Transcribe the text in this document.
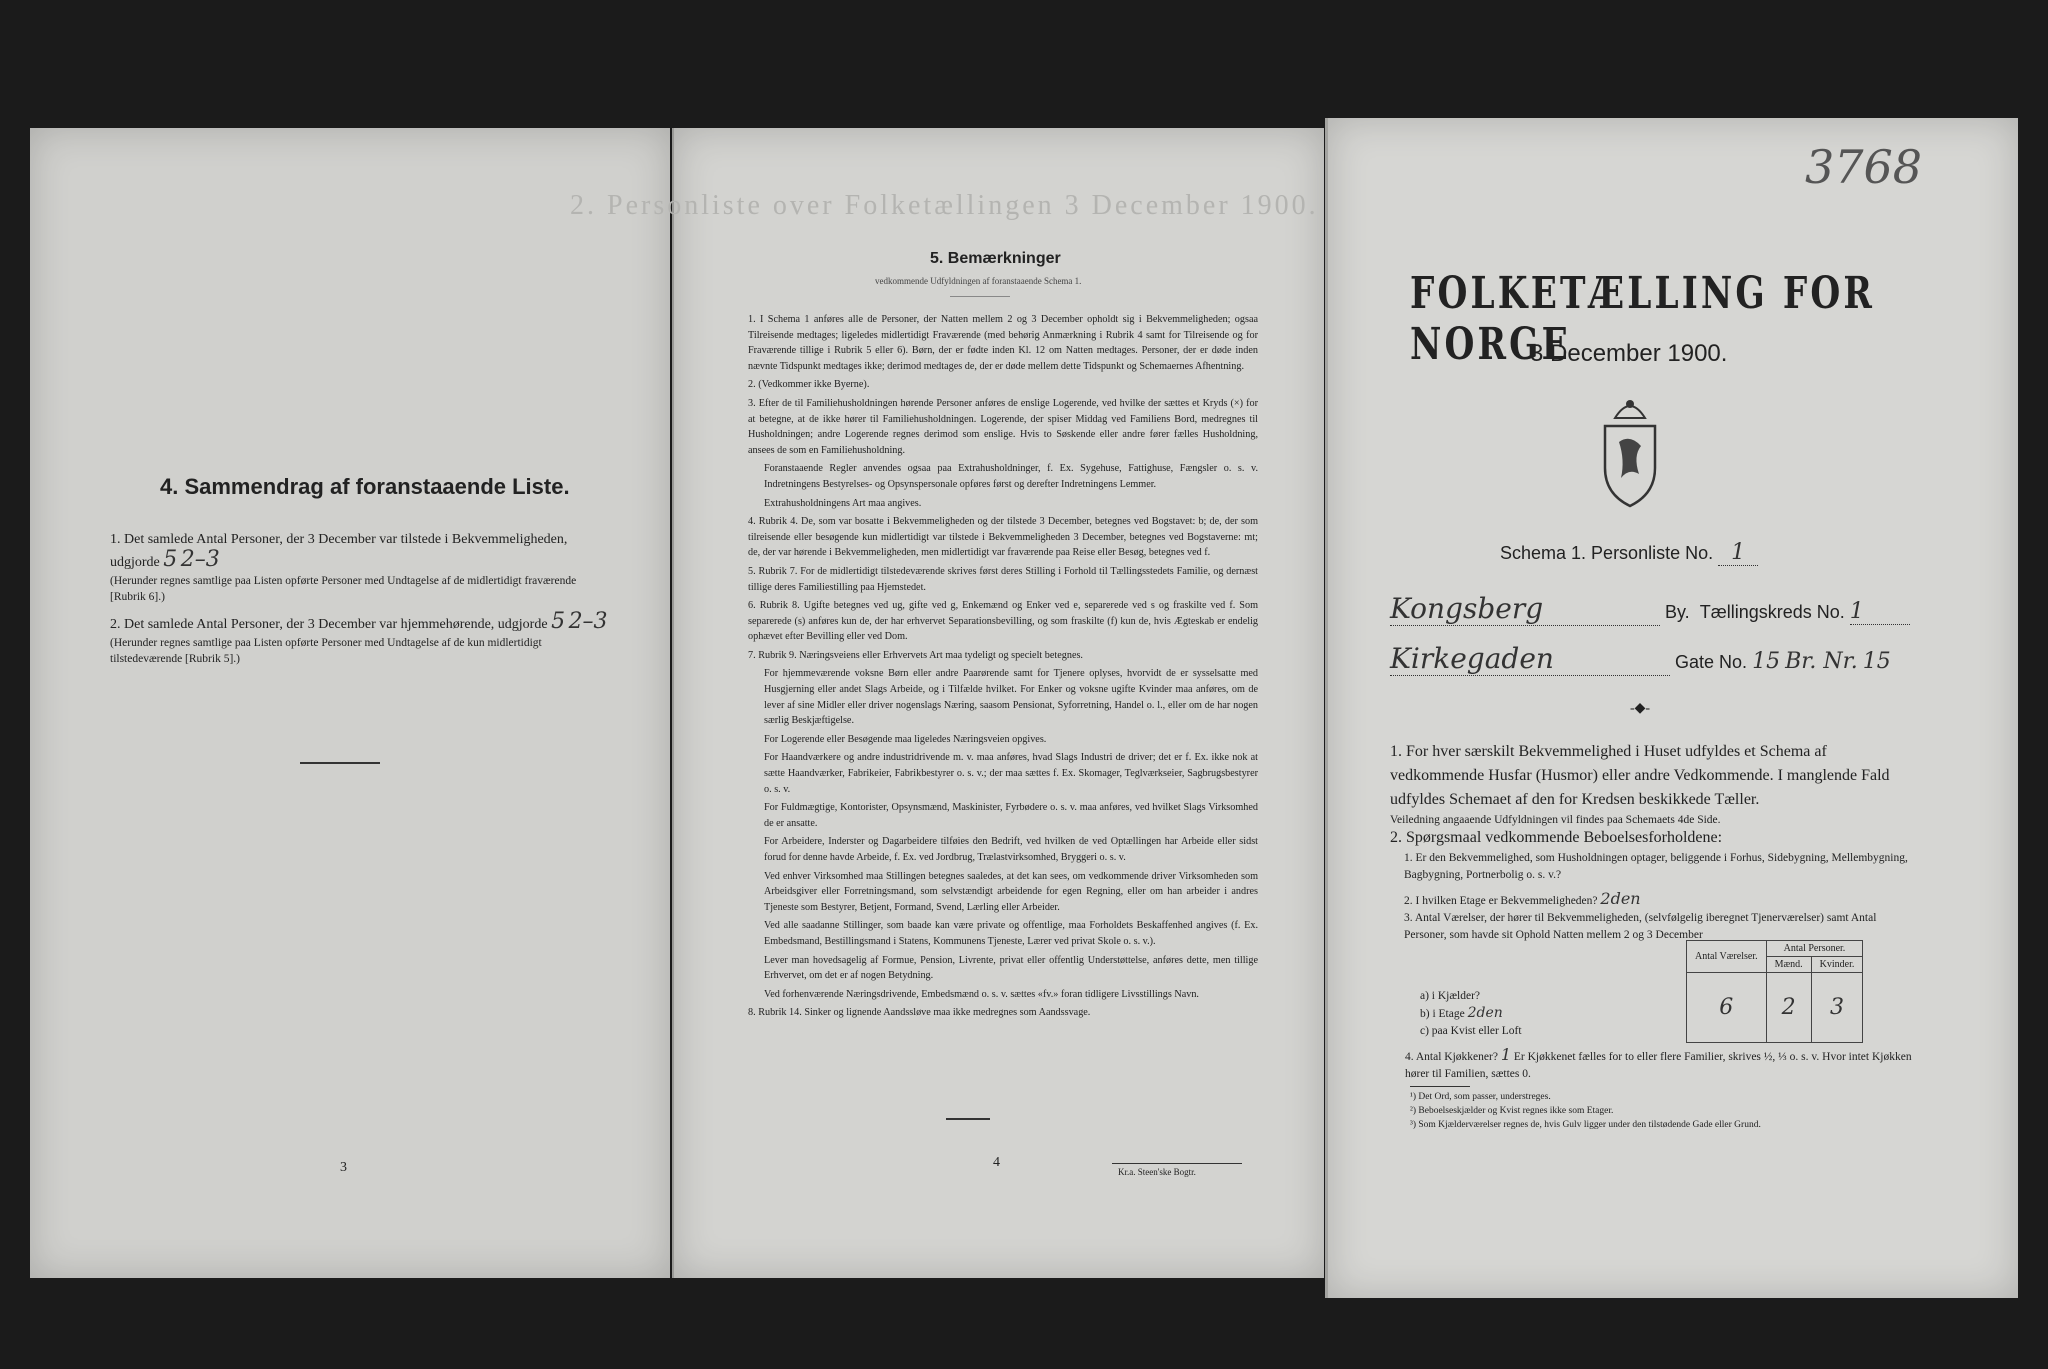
2. Personliste over Folketællingen 3 December 1900.
4. Sammendrag af foranstaaende Liste.
1. Det samlede Antal Personer, der 3 December var tilstede i Bekvemmeligheden, udgjorde 5 2–3
(Herunder regnes samtlige paa Listen opførte Personer med Undtagelse af de midlertidigt fraværende [Rubrik 6].)
2. Det samlede Antal Personer, der 3 December var hjemmehørende, udgjorde 5 2–3
(Herunder regnes samtlige paa Listen opførte Personer med Undtagelse af de kun midlertidigt tilstedeværende [Rubrik 5].)
3
5. Bemærkninger
vedkommende Udfyldningen af foranstaaende Schema 1.

1. I Schema 1 anføres alle de Personer, der Natten mellem 2 og 3 December opholdt sig i Bekvemmeligheden; ogsaa Tilreisende medtages; ligeledes midlertidigt Fraværende (med behørig Anmærkning i Rubrik 4 samt for Tilreisende og for Fraværende tillige i Rubrik 5 eller 6). Børn, der er fødte inden Kl. 12 om Natten medtages. Personer, der er døde inden nævnte Tidspunkt medtages ikke; derimod medtages de, der er døde mellem dette Tidspunkt og Schemaernes Afhentning.

2. (Vedkommer ikke Byerne).

3. Efter de til Familiehusholdningen hørende Personer anføres de enslige Logerende, ved hvilke der sættes et Kryds (×) for at betegne, at de ikke hører til Familiehusholdningen. Logerende, der spiser Middag ved Familiens Bord, medregnes til Husholdningen; andre Logerende regnes derimod som enslige. Hvis to Søskende eller andre fører fælles Husholdning, ansees de som en Familiehusholdning.

Foranstaaende Regler anvendes ogsaa paa Extrahusholdninger, f. Ex. Sygehuse, Fattighuse, Fængsler o. s. v. Indretningens Bestyrelses- og Opsynspersonale opføres først og derefter Indretningens Lemmer.

Extrahusholdningens Art maa angives.

4. Rubrik 4. De, som var bosatte i Bekvemmeligheden og der tilstede 3 December, betegnes ved Bogstavet: b; de, der som tilreisende eller besøgende kun midlertidigt var tilstede i Bekvemmeligheden 3 December, betegnes ved Bogstaverne: mt; de, der var hørende i Bekvemmeligheden, men midlertidigt var fraværende paa Reise eller Besøg, betegnes ved f.

5. Rubrik 7. For de midlertidigt tilstedeværende skrives først deres Stilling i Forhold til Tællingsstedets Familie, og dernæst tillige deres Familiestilling paa Hjemstedet.

6. Rubrik 8. Ugifte betegnes ved ug, gifte ved g, Enkemænd og Enker ved e, separerede ved s og fraskilte ved f. Som separerede (s) anføres kun de, der har erhvervet Separationsbevilling, og som fraskilte (f) kun de, hvis Ægteskab er endelig ophævet efter Bevilling eller ved Dom.

7. Rubrik 9. Næringsveiens eller Erhvervets Art maa tydeligt og specielt betegnes.

For hjemmeværende voksne Børn eller andre Paarørende samt for Tjenere oplyses, hvorvidt de er sysselsatte med Husgjerning eller andet Slags Arbeide, og i Tilfælde hvilket. For Enker og voksne ugifte Kvinder maa anføres, om de lever af sine Midler eller driver nogenslags Næring, saasom Pensionat, Syforretning, Handel o. l., eller om de har nogen særlig Beskjæftigelse.

For Logerende eller Besøgende maa ligeledes Næringsveien opgives.

For Haandværkere og andre industridrivende m. v. maa anføres, hvad Slags Industri de driver; det er f. Ex. ikke nok at sætte Haandværker, Fabrikeier, Fabrikbestyrer o. s. v.; der maa sættes f. Ex. Skomager, Teglværkseier, Sagbrugsbestyrer o. s. v.

For Fuldmægtige, Kontorister, Opsynsmænd, Maskinister, Fyrbødere o. s. v. maa anføres, ved hvilket Slags Virksomhed de er ansatte.

For Arbeidere, Inderster og Dagarbeidere tilføies den Bedrift, ved hvilken de ved Optællingen har Arbeide eller sidst forud for denne havde Arbeide, f. Ex. ved Jordbrug, Trælastvirksomhed, Bryggeri o. s. v.

Ved enhver Virksomhed maa Stillingen betegnes saaledes, at det kan sees, om vedkommende driver Virksomheden som Arbeidsgiver eller Forretningsmand, som selvstændigt arbeidende for egen Regning, eller om han arbeider i andres Tjeneste som Bestyrer, Betjent, Formand, Svend, Lærling eller Arbeider.

Ved alle saadanne Stillinger, som baade kan være private og offentlige, maa Forholdets Beskaffenhed angives (f. Ex. Embedsmand, Bestillingsmand i Statens, Kommunens Tjeneste, Lærer ved privat Skole o. s. v.).

Lever man hovedsagelig af Formue, Pension, Livrente, privat eller offentlig Understøttelse, anføres dette, men tillige Erhvervet, om det er af nogen Betydning.

Ved forhenværende Næringsdrivende, Embedsmænd o. s. v. sættes «fv.» foran tidligere Livsstillings Navn.

8. Rubrik 14. Sinker og lignende Aandssløve maa ikke medregnes som Aandssvage.

4
Kr.a. Steen'ske Bogtr.
3768
FOLKETÆLLING FOR NORGE
3 December 1900.
Schema 1. Personliste No. 1
Kongsberg	By. Tællingskreds No. 1
Kirkegaden	Gate No. 15 Br. Nr. 15
-◆-
1. For hver særskilt Bekvemmelighed i Huset udfyldes et Schema af vedkommende Husfar (Husmor) eller andre Vedkommende. I manglende Fald udfyldes Schemaet af den for Kredsen beskikkede Tæller.
Veiledning angaaende Udfyldningen vil findes paa Schemaets 4de Side.
2. Spørgsmaal vedkommende Beboelsesforholdene:
1. Er den Bekvemmelighed, som Husholdningen optager, beliggende i Forhus, Sidebygning, Mellembygning, Bagbygning, Portnerbolig o. s. v.?
2. I hvilken Etage er Bekvemmeligheden? 2den
3. Antal Værelser, der hører til Bekvemmeligheden, (selvfølgelig iberegnet Tjenerværelser) samt Antal Personer, som havde sit Ophold Natten mellem 2 og 3 December
Antal Værelser.	Antal Personer.	
	Mænd.	Kvinder.
6	2	3
a) i Kjælder?
b) i Etage 2den
c) paa Kvist eller Loft
4. Antal Kjøkkener? 1 Er Kjøkkenet fælles for to eller flere Familier, skrives ½, ⅓ o. s. v. Hvor intet Kjøkken hører til Familien, sættes 0.
¹) Det Ord, som passer, understreges.
²) Beboelseskjælder og Kvist regnes ikke som Etager.
³) Som Kjælderværelser regnes de, hvis Gulv ligger under den tilstødende Gade eller Grund.
